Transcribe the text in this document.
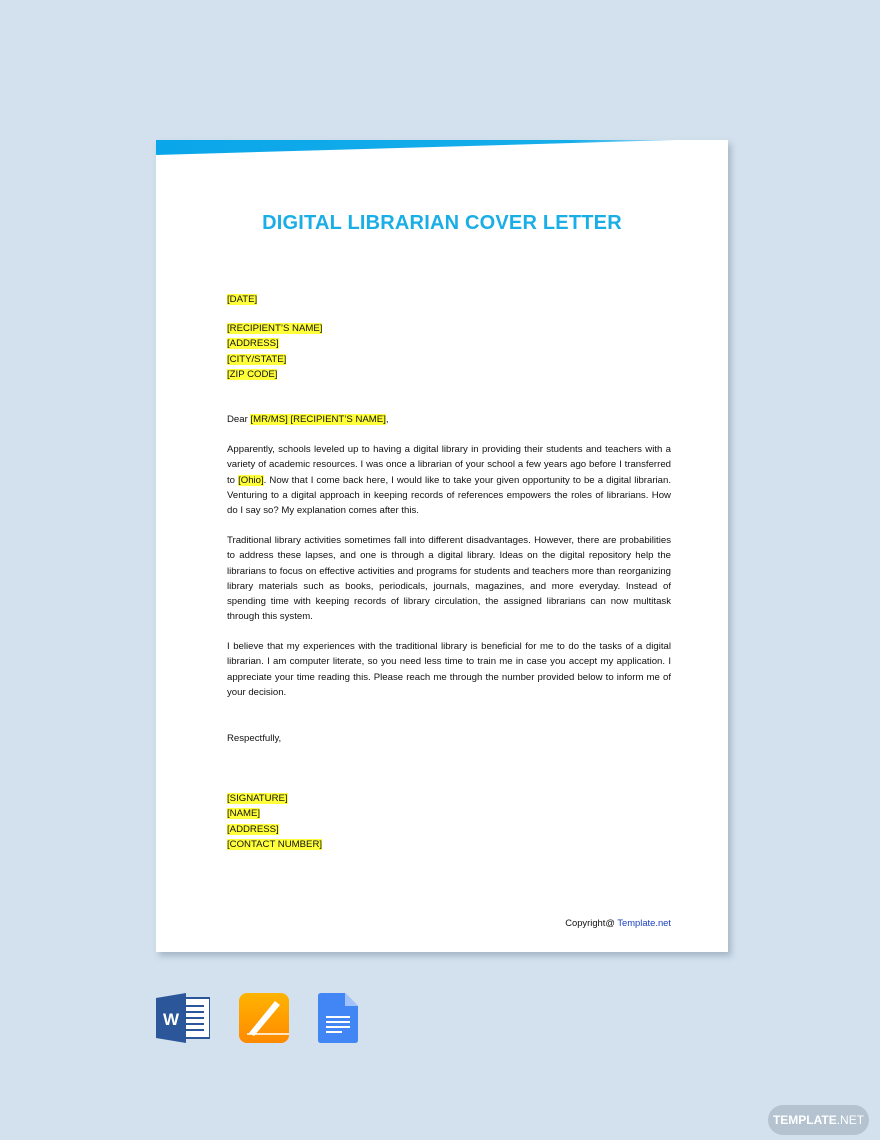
DIGITAL LIBRARIAN COVER LETTER
[DATE]
[RECIPIENT’S NAME]
[ADDRESS]
[CITY/STATE]
[ZIP CODE]
Dear [MR/MS] [RECIPIENT’S NAME],
Apparently, schools leveled up to having a digital library in providing their students and teachers with a variety of academic resources. I was once a librarian of your school a few years ago before I transferred to [Ohio]. Now that I come back here, I would like to take your given opportunity to be a digital librarian. Venturing to a digital approach in keeping records of references empowers the roles of librarians. How do I say so? My explanation comes after this.
Traditional library activities sometimes fall into different disadvantages. However, there are probabilities to address these lapses, and one is through a digital library. Ideas on the digital repository help the librarians to focus on effective activities and programs for students and teachers more than reorganizing library materials such as books, periodicals, journals, magazines, and more everyday. Instead of spending time with keeping records of library circulation, the assigned librarians can now multitask through this system.
I believe that my experiences with the traditional library is beneficial for me to do the tasks of a digital librarian. I am computer literate, so you need less time to train me in case you accept my application. I appreciate your time reading this. Please reach me through the number provided below to inform me of your decision.
Respectfully,
[SIGNATURE]
[NAME]
[ADDRESS]
[CONTACT NUMBER]
Copyright@ Template.net
W
TEMPLATE.NET
